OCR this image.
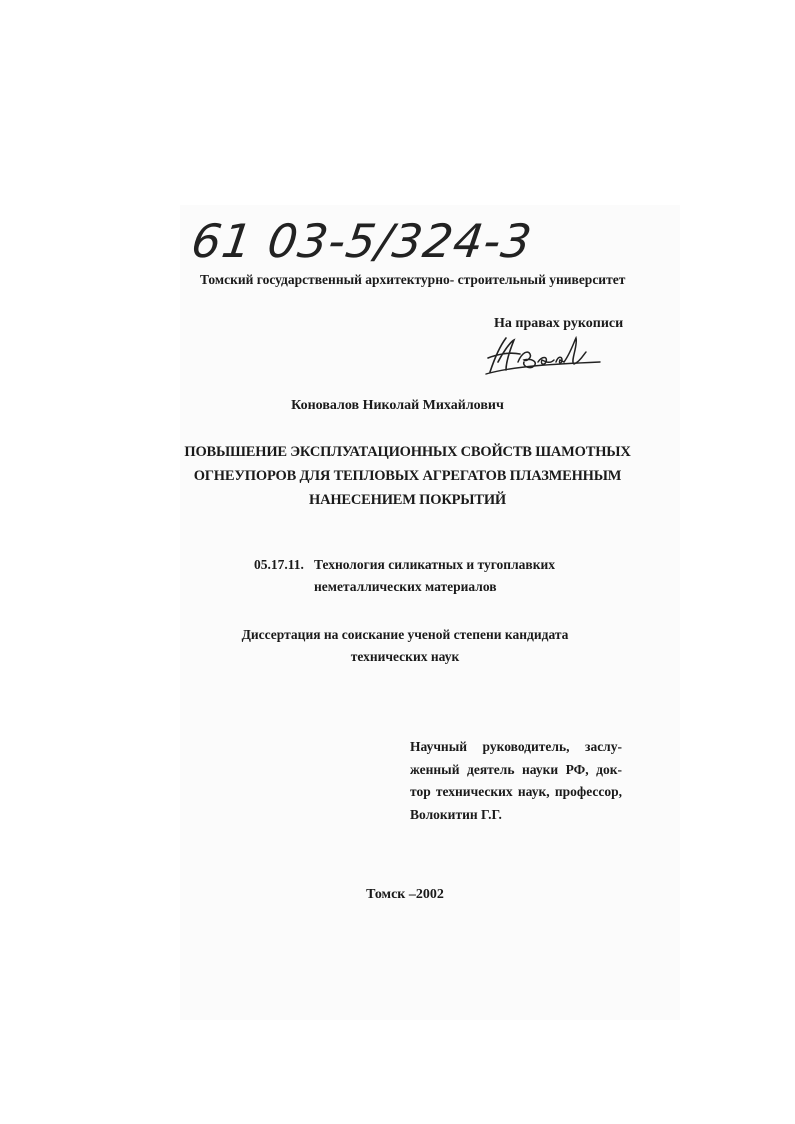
61 03-5/324-3
Томский государственный архитектурно- строительный университет
На правах рукописи
Коновалов Николай Михайлович
ПОВЫШЕНИЕ ЭКСПЛУАТАЦИОННЫХ СВОЙСТВ ШАМОТНЫХ
ОГНЕУПОРОВ ДЛЯ ТЕПЛОВЫХ АГРЕГАТОВ ПЛАЗМЕННЫМ
НАНЕСЕНИЕМ ПОКРЫТИЙ
05.17.11. Технология силикатных и тугоплавких
неметаллических материалов
Диссертация на соискание ученой степени кандидата
технических наук
Научный руководитель, заслу-
женный деятель науки РФ, док-
тор технических наук, профессор,
Волокитин Г.Г.
Томск –2002
